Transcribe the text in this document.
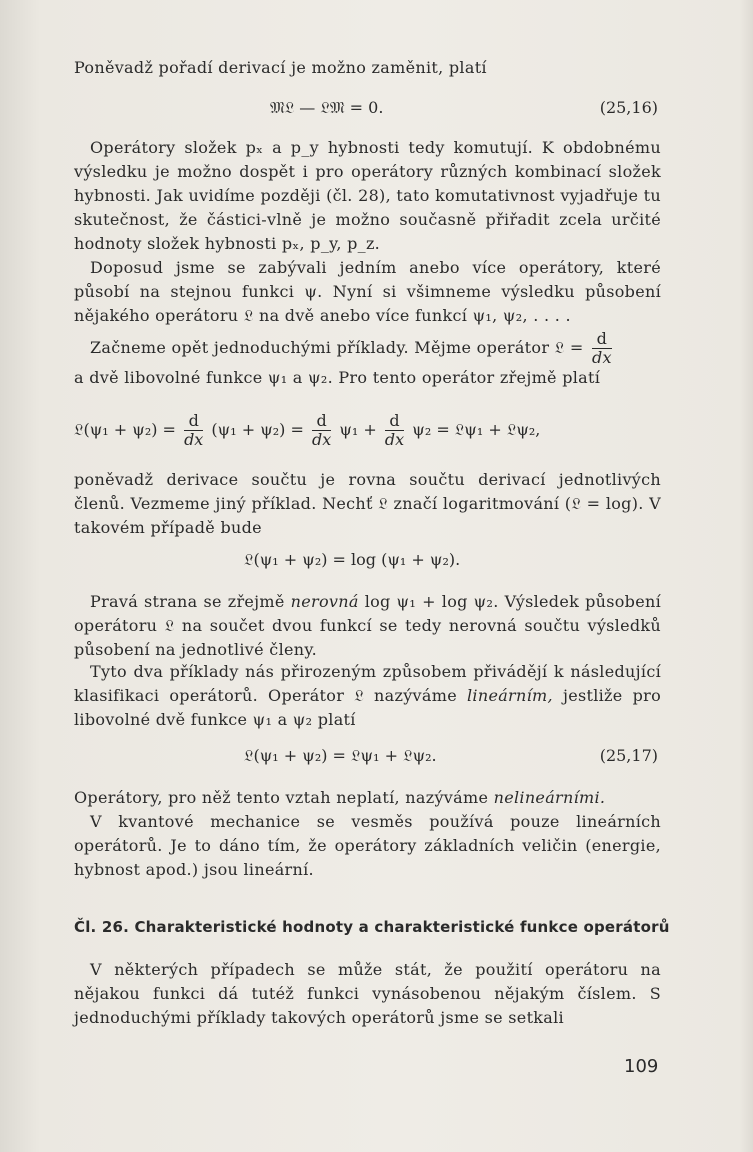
Poněvadž pořadí derivací je možno zaměnit, platí
𝔐𝔏 — 𝔏𝔐 = 0.	(25,16)
Operátory složek pₓ a p_y hybnosti tedy komutují. K obdobnému výsledku je možno dospět i pro operátory různých kombinací složek hybnosti. Jak uvidíme později (čl. 28), tato komutativnost vyjadřuje tu skutečnost, že částici-vlně je možno současně přiřadit zcela určité hodnoty složek hybnosti pₓ, p_y, p_z.
Doposud jsme se zabývali jedním anebo více operátory, které působí na stejnou funkci ψ. Nyní si všimneme výsledku působení nějakého operátoru 𝔏 na dvě anebo více funkcí ψ₁, ψ₂, . . . .
Začneme opět jednoduchými příklady. Mějme operátor 𝔏 = $\frac{d}{dx}$
a dvě libovolné funkce ψ₁ a ψ₂. Pro tento operátor zřejmě platí
𝔏(ψ₁ + $\psi_2) = \frac{d}{dx} (\psi_1 + \psi_2) = \frac{d}{dx} \psi_1 + \frac{d}{dx} \psi_2$ = 𝔏ψ₁ + 𝔏ψ₂,
poněvadž derivace součtu je rovna součtu derivací jednotlivých členů. Vezmeme jiný příklad. Nechť 𝔏 značí logaritmování (𝔏 = log). V takovém případě bude
𝔏(ψ₁ + ψ₂) = log (ψ₁ + ψ₂).
Pravá strana se zřejmě nerovná log ψ₁ + log ψ₂. Výsledek působení operátoru 𝔏 na součet dvou funkcí se tedy nerovná součtu výsledků působení na jednotlivé členy.
Tyto dva příklady nás přirozeným způsobem přivádějí k následující klasifikaci operátorů. Operátor 𝔏 nazýváme lineárním, jestliže pro libovolné dvě funkce ψ₁ a ψ₂ platí
𝔏(ψ₁ + ψ₂) = 𝔏ψ₁ + 𝔏ψ₂.	(25,17)
Operátory, pro něž tento vztah neplatí, nazýváme nelineárními.
V kvantové mechanice se vesměs používá pouze lineárních operátorů. Je to dáno tím, že operátory základních veličin (energie, hybnost apod.) jsou lineární.
Čl. 26. Charakteristické hodnoty a charakteristické funkce operátorů
V některých případech se může stát, že použití operátoru na nějakou funkci dá tutéž funkci vynásobenou nějakým číslem. S jednoduchými příklady takových operátorů jsme se setkali
109
